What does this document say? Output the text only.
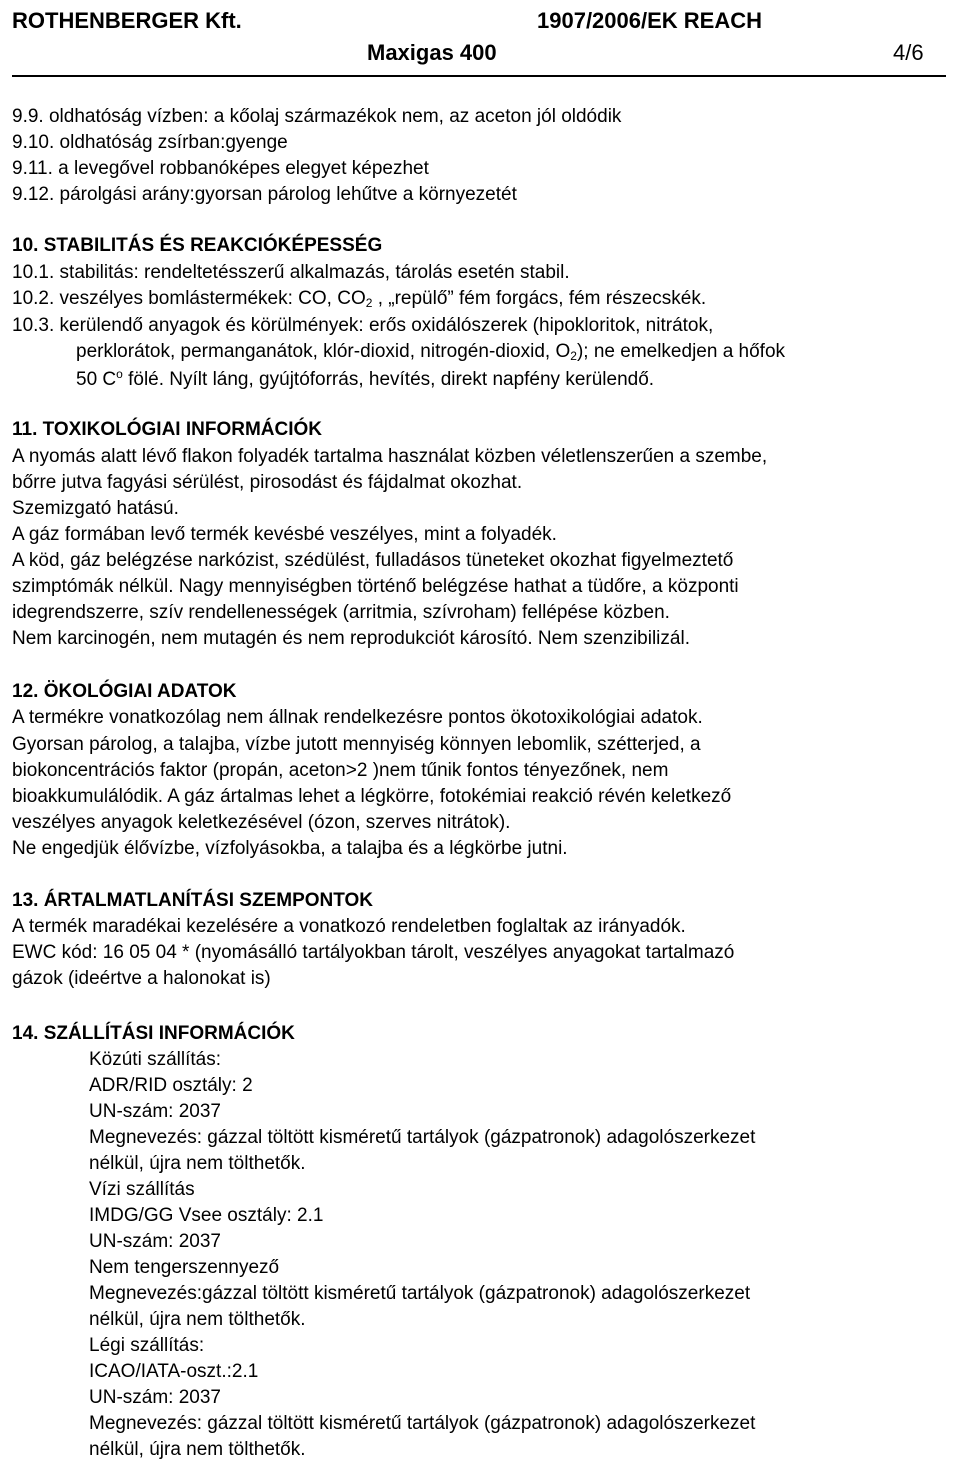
ROTHENBERGER Kft.	1907/2006/EK REACH
Maxigas 400	4/6
9.9. oldhatóság vízben: a kőolaj származékok nem, az aceton jól oldódik
9.10. oldhatóság zsírban:gyenge
9.11. a levegővel robbanóképes elegyet képezhet
9.12. párolgási arány:gyorsan párolog lehűtve a környezetét
10. STABILITÁS ÉS REAKCIÓKÉPESSÉG
10.1. stabilitás: rendeltetésszerű alkalmazás, tárolás esetén stabil.
10.2. veszélyes bomlástermékek: CO, $CO_2$ , „repülő” fém forgács, fém részecskék.
10.3. kerülendő anyagok és körülmények: erős oxidálószerek (hipokloritok, nitrátok,
perklorátok, permanganátok, klór-dioxid, nitrogén-dioxid, $O_2$); ne emelkedjen a hőfok
50 $C^o$ fölé. Nyílt láng, gyújtóforrás, hevítés, direkt napfény kerülendő.
11. TOXIKOLÓGIAI INFORMÁCIÓK
A nyomás alatt lévő flakon folyadék tartalma használat közben véletlenszerűen a szembe,
bőrre jutva fagyási sérülést, pirosodást és fájdalmat okozhat.
Szemizgató hatású.
A gáz formában levő termék kevésbé veszélyes, mint a folyadék.
A köd, gáz belégzése narkózist, szédülést, fulladásos tüneteket okozhat figyelmeztető
szimptómák nélkül. Nagy mennyiségben történő belégzése hathat a tüdőre, a központi
idegrendszerre, szív rendellenességek (arritmia, szívroham) fellépése közben.
Nem karcinogén, nem mutagén és nem reprodukciót károsító. Nem szenzibilizál.
12. ÖKOLÓGIAI ADATOK
A termékre vonatkozólag nem állnak rendelkezésre pontos ökotoxikológiai adatok.
Gyorsan párolog, a talajba, vízbe jutott mennyiség könnyen lebomlik, szétterjed, a
biokoncentrációs faktor (propán, aceton>2 )nem tűnik fontos tényezőnek, nem
bioakkumulálódik. A gáz ártalmas lehet a légkörre, fotokémiai reakció révén keletkező
veszélyes anyagok keletkezésével (ózon, szerves nitrátok).
Ne engedjük élővízbe, vízfolyásokba, a talajba és a légkörbe jutni.
13. ÁRTALMATLANÍTÁSI SZEMPONTOK
A termék maradékai kezelésére a vonatkozó rendeletben foglaltak az irányadók.
EWC kód: 16 05 04 * (nyomásálló tartályokban tárolt, veszélyes anyagokat tartalmazó
gázok (ideértve a halonokat is)
14. SZÁLLÍTÁSI INFORMÁCIÓK
Közúti szállítás:
ADR/RID osztály: 2
UN-szám: 2037
Megnevezés: gázzal töltött kisméretű tartályok (gázpatronok) adagolószerkezet
nélkül, újra nem tölthetők.
Vízi szállítás
IMDG/GG Vsee osztály: 2.1
UN-szám: 2037
Nem tengerszennyező
Megnevezés:gázzal töltött kisméretű tartályok (gázpatronok) adagolószerkezet
nélkül, újra nem tölthetők.
Légi szállítás:
ICAO/IATA-oszt.:2.1
UN-szám: 2037
Megnevezés: gázzal töltött kisméretű tartályok (gázpatronok) adagolószerkezet
nélkül, újra nem tölthetők.
